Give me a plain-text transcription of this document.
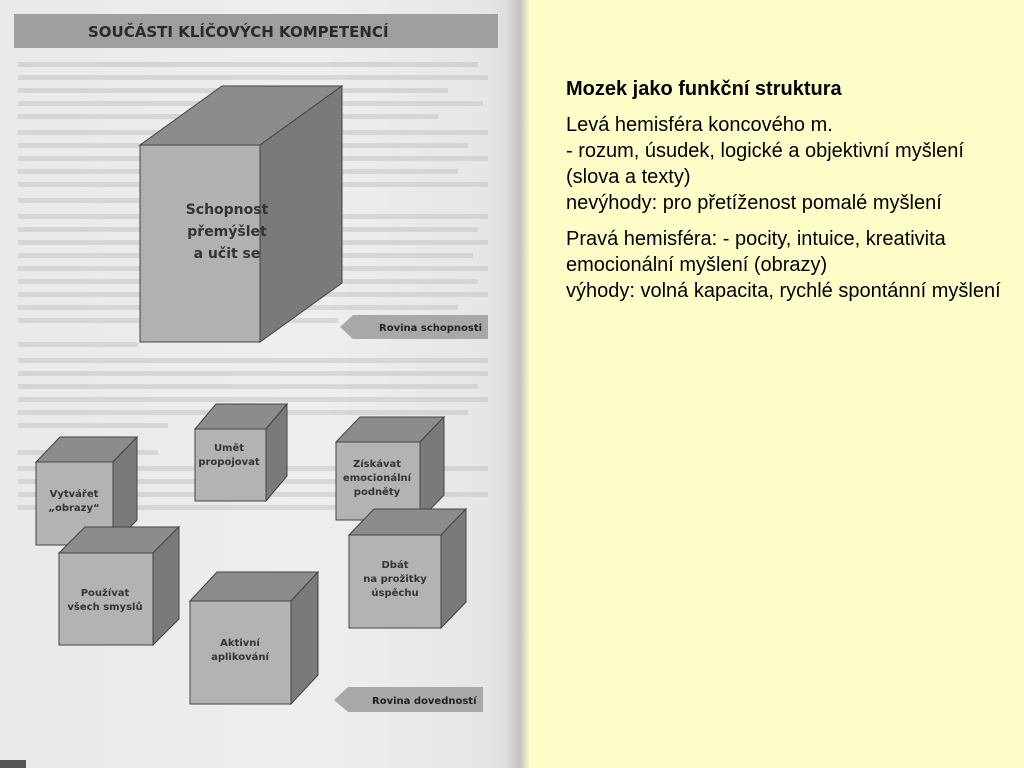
SOUČÁSTI KLÍČOVÝCH KOMPETENCÍ
Schopnost
přemýšlet
a učit se
Rovina schopnosti
Umět
propojovat	Získávat
emocionální
podněty
Vytvářet
„obrazy“
Dbát
na prožitky
úspěchu
Používat
všech smyslů
Aktivní
aplikování
Rovina dovedností

Mozek jako funkční struktura

Levá hemisféra koncového m.
- rozum, úsudek, logické a objektivní myšlení (slova a texty)
nevýhody: pro přetíženost pomalé myšlení

Pravá hemisféra: - pocity, intuice, kreativita emocionální myšlení (obrazy)
výhody: volná kapacita, rychlé spontánní myšlení
